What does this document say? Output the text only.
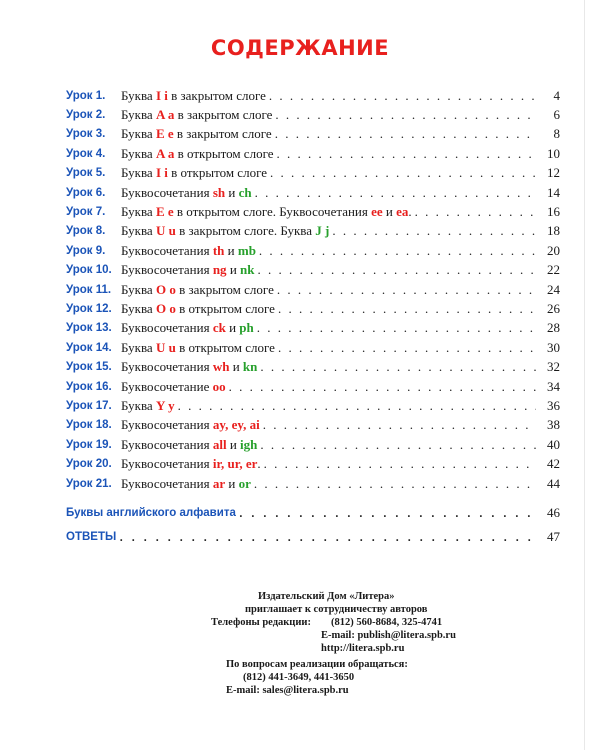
СОДЕРЖАНИЕ
Урок 1.	Буква I i в закрытом слоге . . .	4
Урок 2.	Буква A a в закрытом слоге . . .	6
Урок 3.	Буква E e в закрытом слоге . . .	8
Урок 4.	Буква A a в открытом слоге . . .	10
Урок 5.	Буква I i в открытом слоге . . .	12
Урок 6.	Буквосочетания sh и ch . . .	14
Урок 7.	Буква E e в открытом слоге. Буквосочетания ee и ea. . . .	16
Урок 8.	Буква U u в закрытом слоге. Буква J j . . .	18
Урок 9.	Буквосочетания th и mb . . .	20
Урок 10. Буквосочетания ng и nk . . .	22
Урок 11. Буква O o в закрытом слоге . . .	24
Урок 12. Буква O o в открытом слоге . . .	26
Урок 13. Буквосочетания ck и ph . . .	28
Урок 14. Буква U u в открытом слоге . . .	30
Урок 15. Буквосочетания wh и kn . . .	32
Урок 16. Буквосочетание oo . . .	34
Урок 17. Буква Y y . . .	36
Урок 18. Буквосочетания ay, ey, ai . . .	38
Урок 19. Буквосочетания all и igh . . .	40
Урок 20. Буквосочетания ir, ur, er. . . .	42
Урок 21. Буквосочетания ar и or . . .	44
Буквы английского алфавита . . .	46
ОТВЕТЫ . . .	47
Издательский Дом «Литера»
приглашает к сотрудничеству авторов
Телефоны редакции: (812) 560-8684, 325-4741
E-mail: publish@litera.spb.ru
http://litera.spb.ru
По вопросам реализации обращаться:
(812) 441-3649, 441-3650
E-mail: sales@litera.spb.ru
